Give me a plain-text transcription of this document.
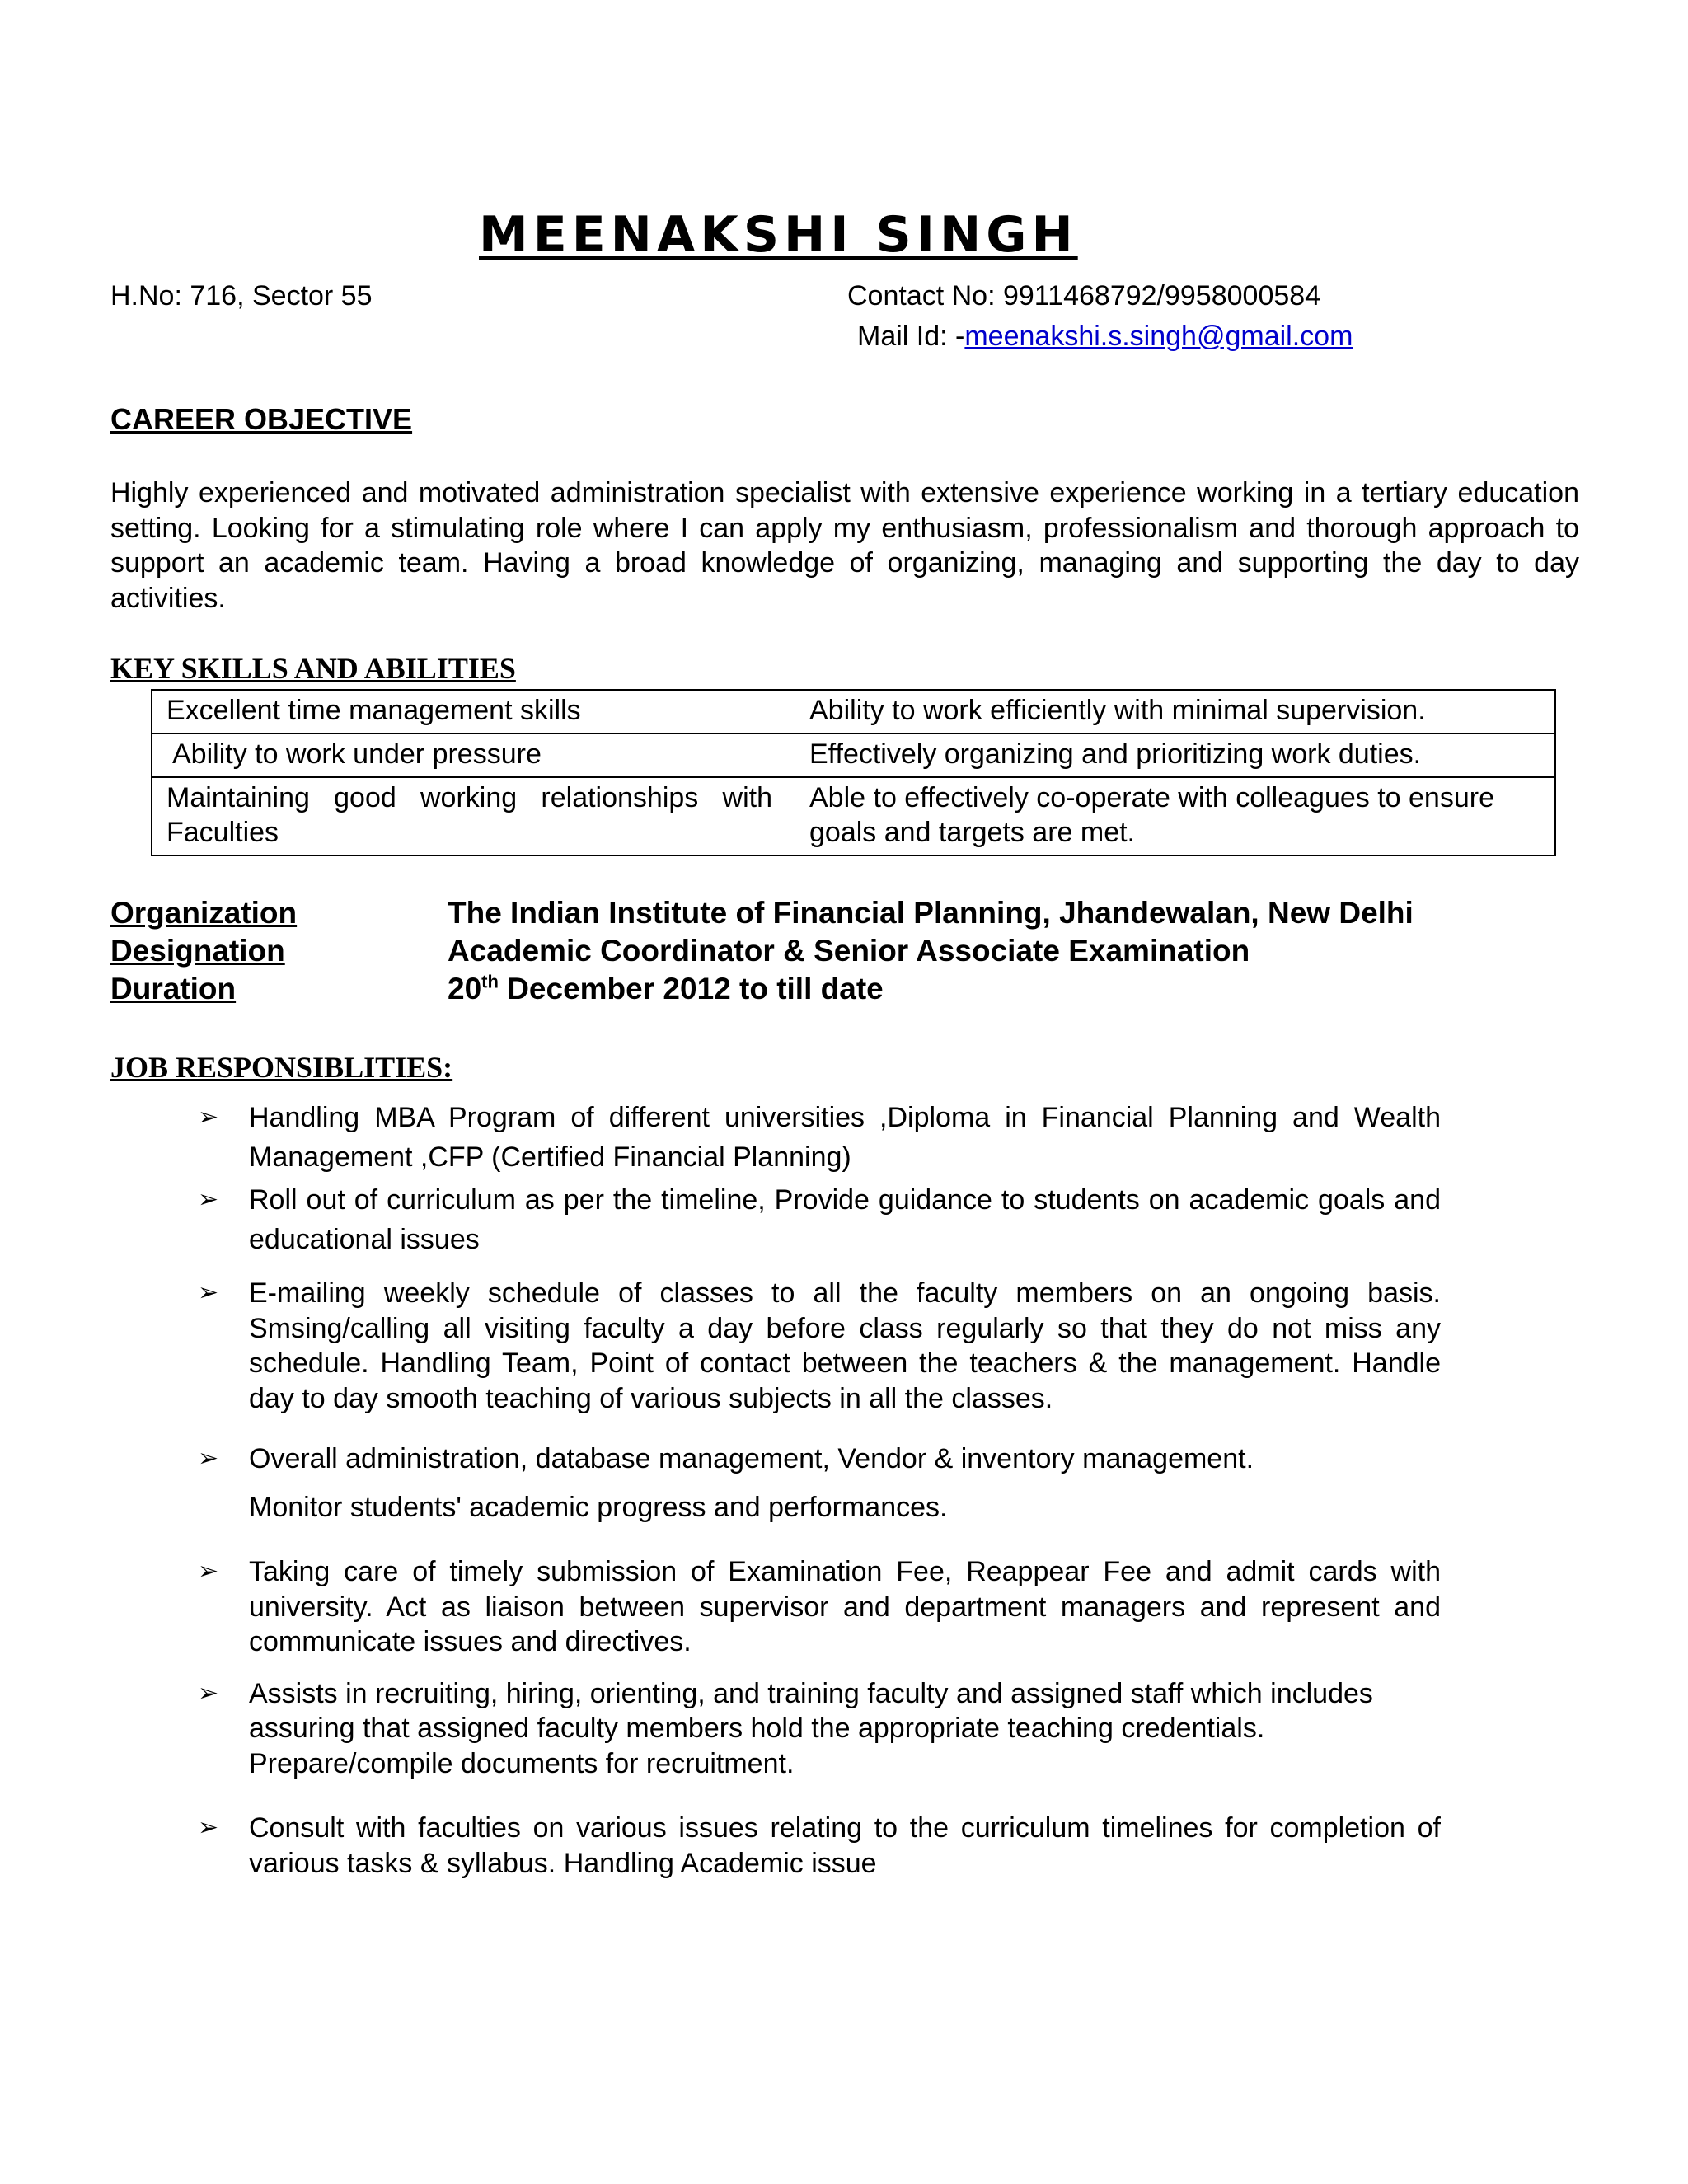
MEENAKSHI SINGH
H.No: 716, Sector 55	Contact No: 9911468792/9958000584
Mail Id: -meenakshi.s.singh@gmail.com
CAREER OBJECTIVE
Highly experienced and motivated administration specialist with extensive experience working in a tertiary education setting. Looking for a stimulating role where I can apply my enthusiasm, professionalism and thorough approach to support an academic team. Having a broad knowledge of organizing, managing and supporting the day to day activities.
KEY SKILLS AND ABILITIES
Excellent time management skills	Ability to work efficiently with minimal supervision.
Ability to work under pressure	Effectively organizing and prioritizing work duties.
Maintaining good working relationships with Faculties	Able to effectively co-operate with colleagues to ensure goals and targets are met.
Organization	The Indian Institute of Financial Planning, Jhandewalan, New Delhi
Designation	Academic Coordinator & Senior Associate Examination
Duration	20th December 2012 to till date
JOB RESPONSIBLITIES:
➢ Handling MBA Program of different universities ,Diploma in Financial Planning and Wealth Management ,CFP (Certified Financial Planning)
➢ Roll out of curriculum as per the timeline, Provide guidance to students on academic goals and educational issues
➢ E-mailing weekly schedule of classes to all the faculty members on an ongoing basis. Smsing/calling all visiting faculty a day before class regularly so that they do not miss any schedule. Handling Team, Point of contact between the teachers & the management. Handle day to day smooth teaching of various subjects in all the classes.
➢ Overall administration, database management, Vendor & inventory management.
Monitor students' academic progress and performances.
➢ Taking care of timely submission of Examination Fee, Reappear Fee and admit cards with university. Act as liaison between supervisor and department managers and represent and communicate issues and directives.
➢ Assists in recruiting, hiring, orienting, and training faculty and assigned staff which includes assuring that assigned faculty members hold the appropriate teaching credentials. Prepare/compile documents for recruitment.
➢ Consult with faculties on various issues relating to the curriculum timelines for completion of various tasks & syllabus. Handling Academic issue
